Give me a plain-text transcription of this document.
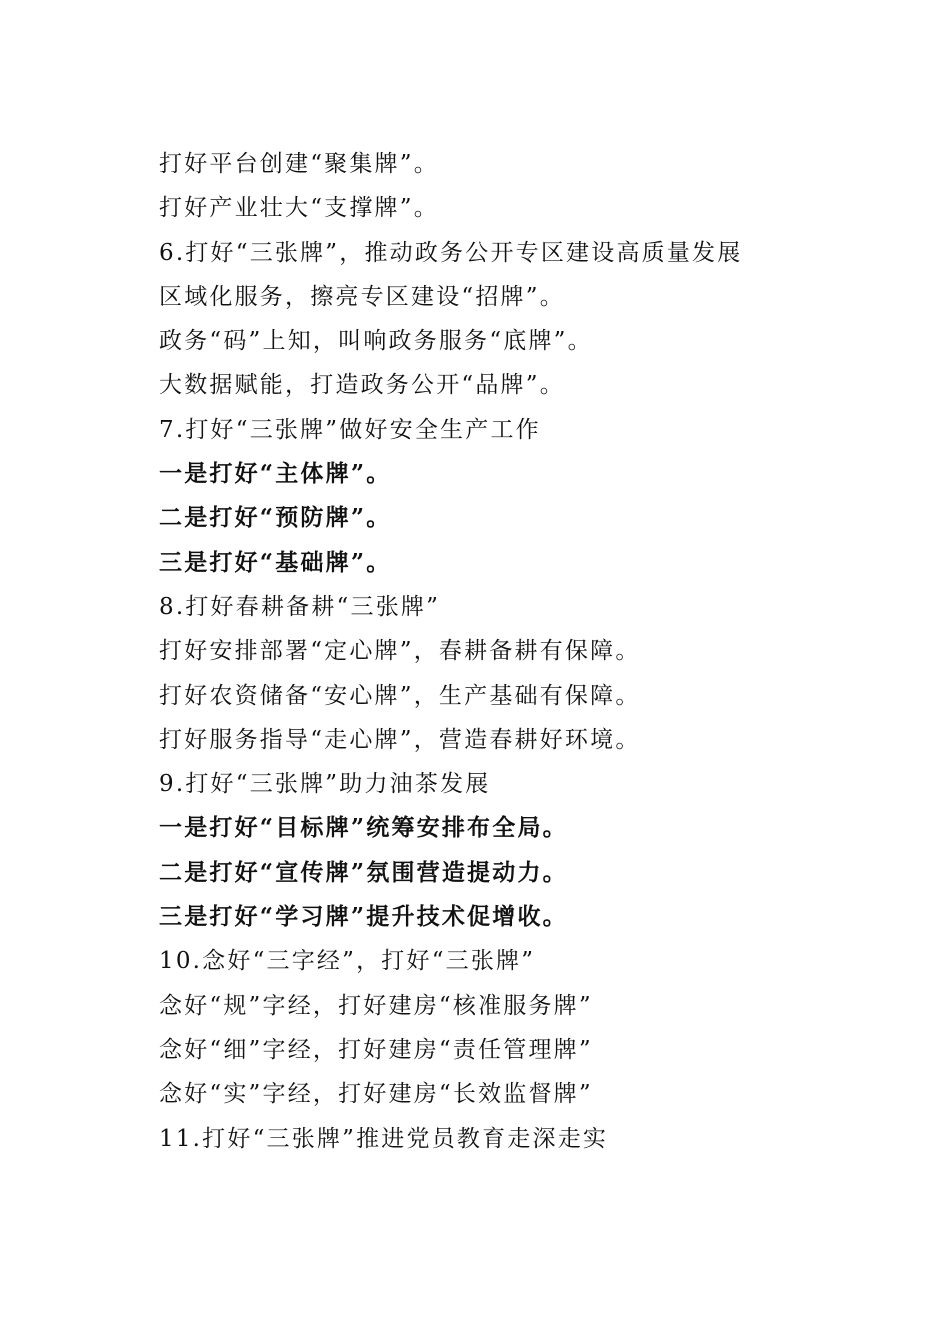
打好平台创建“聚集牌”。
打好产业壮大“支撑牌”。
6.打好“三张牌”，推动政务公开专区建设高质量发展
区域化服务，擦亮专区建设“招牌”。
政务“码”上知，叫响政务服务“底牌”。
大数据赋能，打造政务公开“品牌”。
7.打好“三张牌”做好安全生产工作
一是打好“主体牌”。
二是打好“预防牌”。
三是打好“基础牌”。
8.打好春耕备耕“三张牌”
打好安排部署“定心牌”，春耕备耕有保障。
打好农资储备“安心牌”，生产基础有保障。
打好服务指导“走心牌”，营造春耕好环境。
9.打好“三张牌”助力油茶发展
一是打好“目标牌”统筹安排布全局。
二是打好“宣传牌”氛围营造提动力。
三是打好“学习牌”提升技术促增收。
10.念好“三字经”，打好“三张牌”
念好“规”字经，打好建房“核准服务牌”
念好“细”字经，打好建房“责任管理牌”
念好“实”字经，打好建房“长效监督牌”
11.打好“三张牌”推进党员教育走深走实
